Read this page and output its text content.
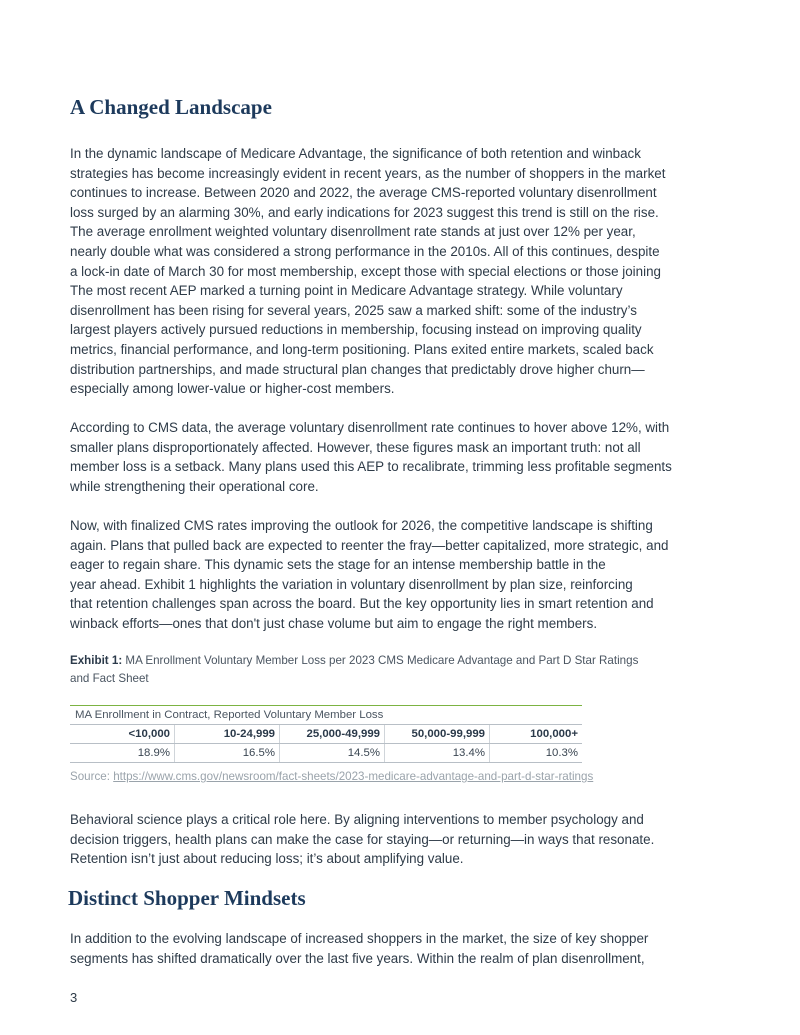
A Changed Landscape

In the dynamic landscape of Medicare Advantage, the significance of both retention and winback
strategies has become increasingly evident in recent years, as the number of shoppers in the market
continues to increase. Between 2020 and 2022, the average CMS-reported voluntary disenrollment
loss surged by an alarming 30%, and early indications for 2023 suggest this trend is still on the rise.
The average enrollment weighted voluntary disenrollment rate stands at just over 12% per year,
nearly double what was considered a strong performance in the 2010s. All of this continues, despite
a lock-in date of March 30 for most membership, except those with special elections or those joining
The most recent AEP marked a turning point in Medicare Advantage strategy. While voluntary
disenrollment has been rising for several years, 2025 saw a marked shift: some of the industry’s
largest players actively pursued reductions in membership, focusing instead on improving quality
metrics, financial performance, and long-term positioning. Plans exited entire markets, scaled back
distribution partnerships, and made structural plan changes that predictably drove higher churn—
especially among lower-value or higher-cost members.

According to CMS data, the average voluntary disenrollment rate continues to hover above 12%, with
smaller plans disproportionately affected. However, these figures mask an important truth: not all
member loss is a setback. Many plans used this AEP to recalibrate, trimming less profitable segments
while strengthening their operational core.

Now, with finalized CMS rates improving the outlook for 2026, the competitive landscape is shifting
again. Plans that pulled back are expected to reenter the fray—better capitalized, more strategic, and
eager to regain share. This dynamic sets the stage for an intense membership battle in the
year ahead. Exhibit 1 highlights the variation in voluntary disenrollment by plan size, reinforcing
that retention challenges span across the board. But the key opportunity lies in smart retention and
winback efforts—ones that don't just chase volume but aim to engage the right members.

Exhibit 1: MA Enrollment Voluntary Member Loss per 2023 CMS Medicare Advantage and Part D Star Ratings
and Fact Sheet

MA Enrollment in Contract, Reported Voluntary Member Loss				
<10,000	10-24,999	25,000-49,999	50,000-99,999	100,000+
18.9%	16.5%	14.5%	13.4%	10.3%

Source: https://www.cms.gov/newsroom/fact-sheets/2023-medicare-advantage-and-part-d-star-ratings

Behavioral science plays a critical role here. By aligning interventions to member psychology and
decision triggers, health plans can make the case for staying—or returning—in ways that resonate.
Retention isn’t just about reducing loss; it’s about amplifying value.

Distinct Shopper Mindsets

In addition to the evolving landscape of increased shoppers in the market, the size of key shopper
segments has shifted dramatically over the last five years. Within the realm of plan disenrollment,

3
